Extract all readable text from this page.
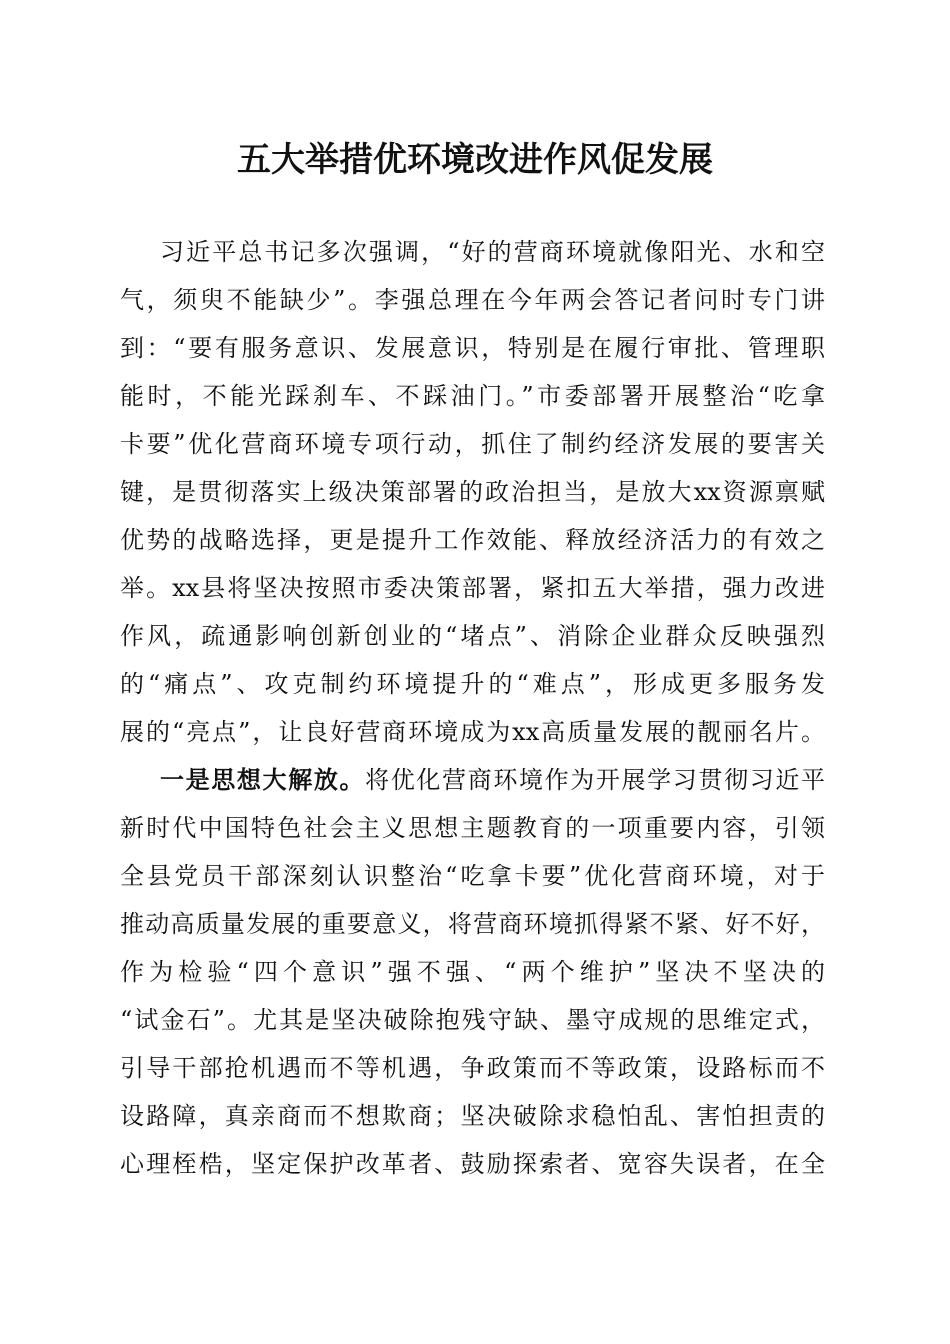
五大举措优环境改进作风促发展
习近平总书记多次强调，“好的营商环境就像阳光、水和空
气，须臾不能缺少”。李强总理在今年两会答记者问时专门讲
到：“要有服务意识、发展意识，特别是在履行审批、管理职
能时，不能光踩刹车、不踩油门。”市委部署开展整治“吃拿
卡要”优化营商环境专项行动，抓住了制约经济发展的要害关
键，是贯彻落实上级决策部署的政治担当，是放大xx资源禀赋
优势的战略选择，更是提升工作效能、释放经济活力的有效之
举。xx县将坚决按照市委决策部署，紧扣五大举措，强力改进
作风，疏通影响创新创业的“堵点”、消除企业群众反映强烈
的“痛点”、攻克制约环境提升的“难点”，形成更多服务发
展的“亮点”，让良好营商环境成为xx高质量发展的靓丽名片。
一是思想大解放。将优化营商环境作为开展学习贯彻习近平
新时代中国特色社会主义思想主题教育的一项重要内容，引领
全县党员干部深刻认识整治“吃拿卡要”优化营商环境，对于
推动高质量发展的重要意义，将营商环境抓得紧不紧、好不好，
作为检验“四个意识”强不强、“两个维护”坚决不坚决的
“试金石”。尤其是坚决破除抱残守缺、墨守成规的思维定式，
引导干部抢机遇而不等机遇，争政策而不等政策，设路标而不
设路障，真亲商而不想欺商；坚决破除求稳怕乱、害怕担责的
心理桎梏，坚定保护改革者、鼓励探索者、宽容失误者，在全
